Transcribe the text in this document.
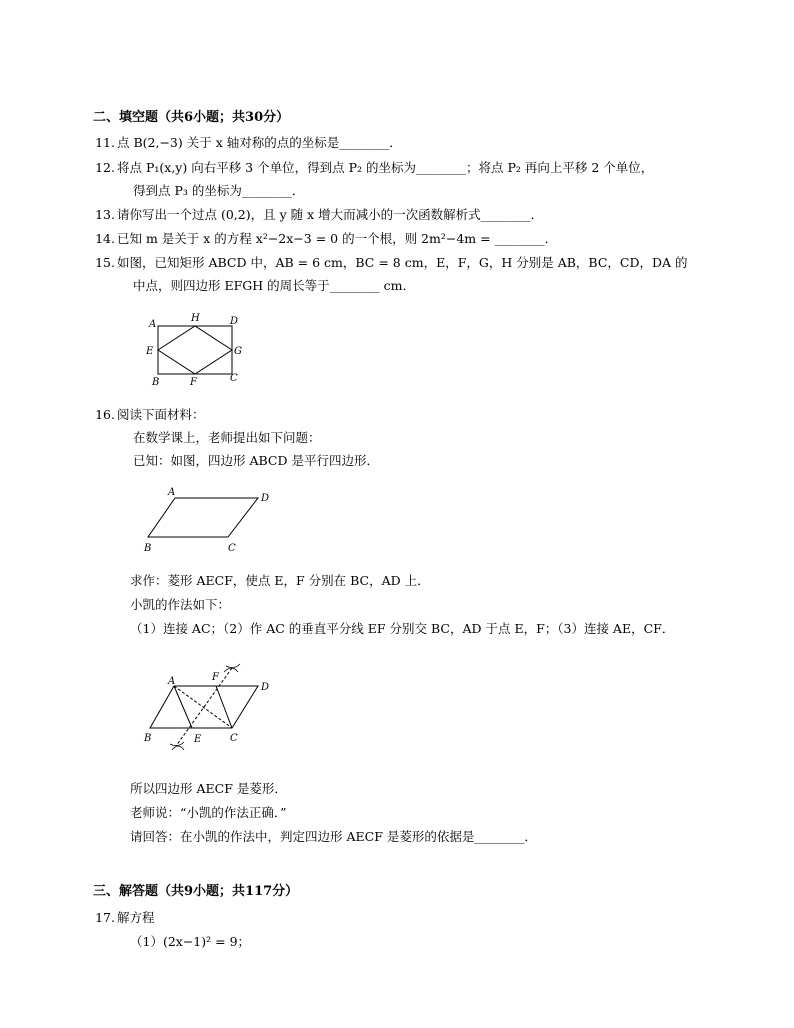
二、填空题（共6小题；共30分）
11. 点 B(2,−3) 关于 x 轴对称的点的坐标是________．
12. 将点 P₁(x,y) 向右平移 3 个单位，得到点 P₂ 的坐标为________；将点 P₂ 再向上平移 2 个单位，
得到点 P₃ 的坐标为________．
13. 请你写出一个过点 (0,2)，且 y 随 x 增大而减小的一次函数解析式________．
14. 已知 m 是关于 x 的方程 x²−2x−3 = 0 的一个根，则 2m²−4m = ________．
15. 如图，已知矩形 ABCD 中，AB = 6 cm，BC = 8 cm，E，F，G，H 分别是 AB，BC，CD，DA 的
中点，则四边形 EFGH 的周长等于________ cm．
A
H	D
E	G
B	F	C
16. 阅读下面材料：
在数学课上，老师提出如下问题：
已知：如图，四边形 ABCD 是平行四边形．
A
D
B	C
求作：菱形 AECF，使点 E，F 分别在 BC，AD 上．
小凯的作法如下：
（1）连接 AC；（2）作 AC 的垂直平分线 EF 分别交 BC，AD 于点 E，F；（3）连接 AE，CF．
A	F
D
B	E	C
所以四边形 AECF 是菱形．
老师说：“小凯的作法正确．”
请回答：在小凯的作法中，判定四边形 AECF 是菱形的依据是________．
三、解答题（共9小题；共117分）
17. 解方程
（1）(2x−1)² = 9；
